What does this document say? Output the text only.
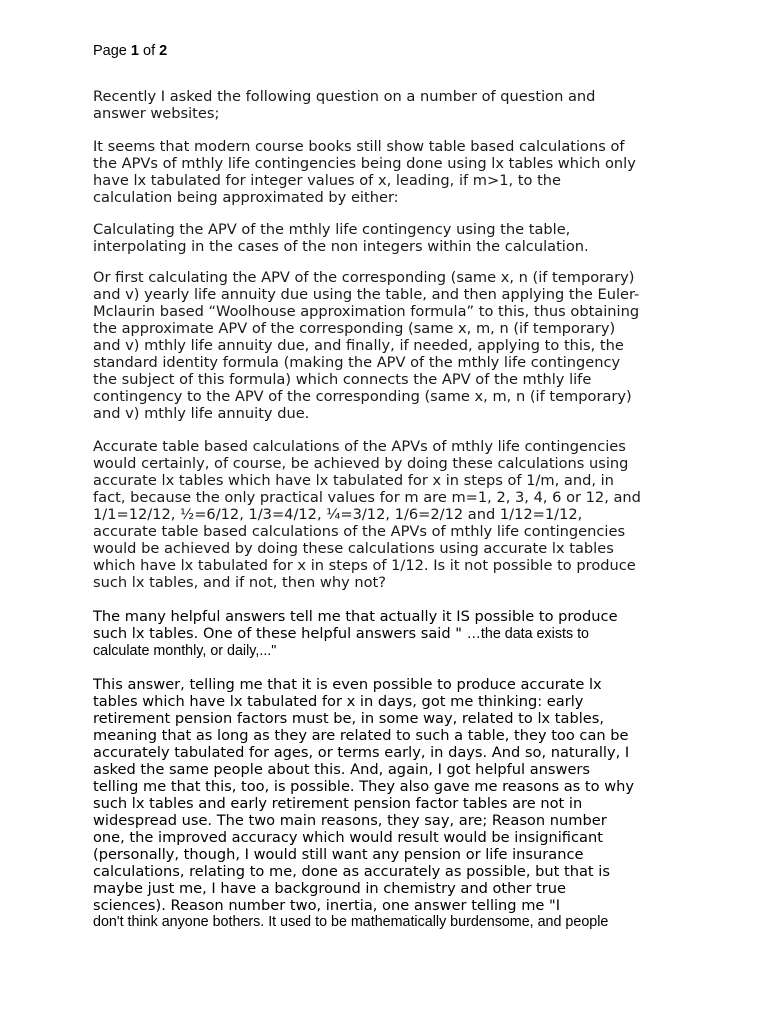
Page 1 of 2

Recently I asked the following question on a number of question and
answer websites;

It seems that modern course books still show table based calculations of
the APVs of mthly life contingencies being done using lx tables which only
have lx tabulated for integer values of x, leading, if m>1, to the
calculation being approximated by either:

Calculating the APV of the mthly life contingency using the table,
interpolating in the cases of the non integers within the calculation.

Or first calculating the APV of the corresponding (same x, n (if temporary)
and v) yearly life annuity due using the table, and then applying the Euler-
Mclaurin based “Woolhouse approximation formula” to this, thus obtaining
the approximate APV of the corresponding (same x, m, n (if temporary)
and v) mthly life annuity due, and finally, if needed, applying to this, the
standard identity formula (making the APV of the mthly life contingency
the subject of this formula) which connects the APV of the mthly life
contingency to the APV of the corresponding (same x, m, n (if temporary)
and v) mthly life annuity due.

Accurate table based calculations of the APVs of mthly life contingencies
would certainly, of course, be achieved by doing these calculations using
accurate lx tables which have lx tabulated for x in steps of 1/m, and, in
fact, because the only practical values for m are m=1, 2, 3, 4, 6 or 12, and
1/1=12/12, ½=6/12, 1/3=4/12, ¼=3/12, 1/6=2/12 and 1/12=1/12,
accurate table based calculations of the APVs of mthly life contingencies
would be achieved by doing these calculations using accurate lx tables
which have lx tabulated for x in steps of 1/12. Is it not possible to produce
such lx tables, and if not, then why not?

The many helpful answers tell me that actually it IS possible to produce
such lx tables. One of these helpful answers said " …the data exists to
calculate monthly, or daily,..."

This answer, telling me that it is even possible to produce accurate lx
tables which have lx tabulated for x in days, got me thinking: early
retirement pension factors must be, in some way, related to lx tables,
meaning that as long as they are related to such a table, they too can be
accurately tabulated for ages, or terms early, in days. And so, naturally, I
asked the same people about this. And, again, I got helpful answers
telling me that this, too, is possible. They also gave me reasons as to why
such lx tables and early retirement pension factor tables are not in
widespread use. The two main reasons, they say, are; Reason number
one, the improved accuracy which would result would be insignificant
(personally, though, I would still want any pension or life insurance
calculations, relating to me, done as accurately as possible, but that is
maybe just me, I have a background in chemistry and other true
sciences). Reason number two, inertia, one answer telling me "I
don't think anyone bothers. It used to be mathematically burdensome, and people
